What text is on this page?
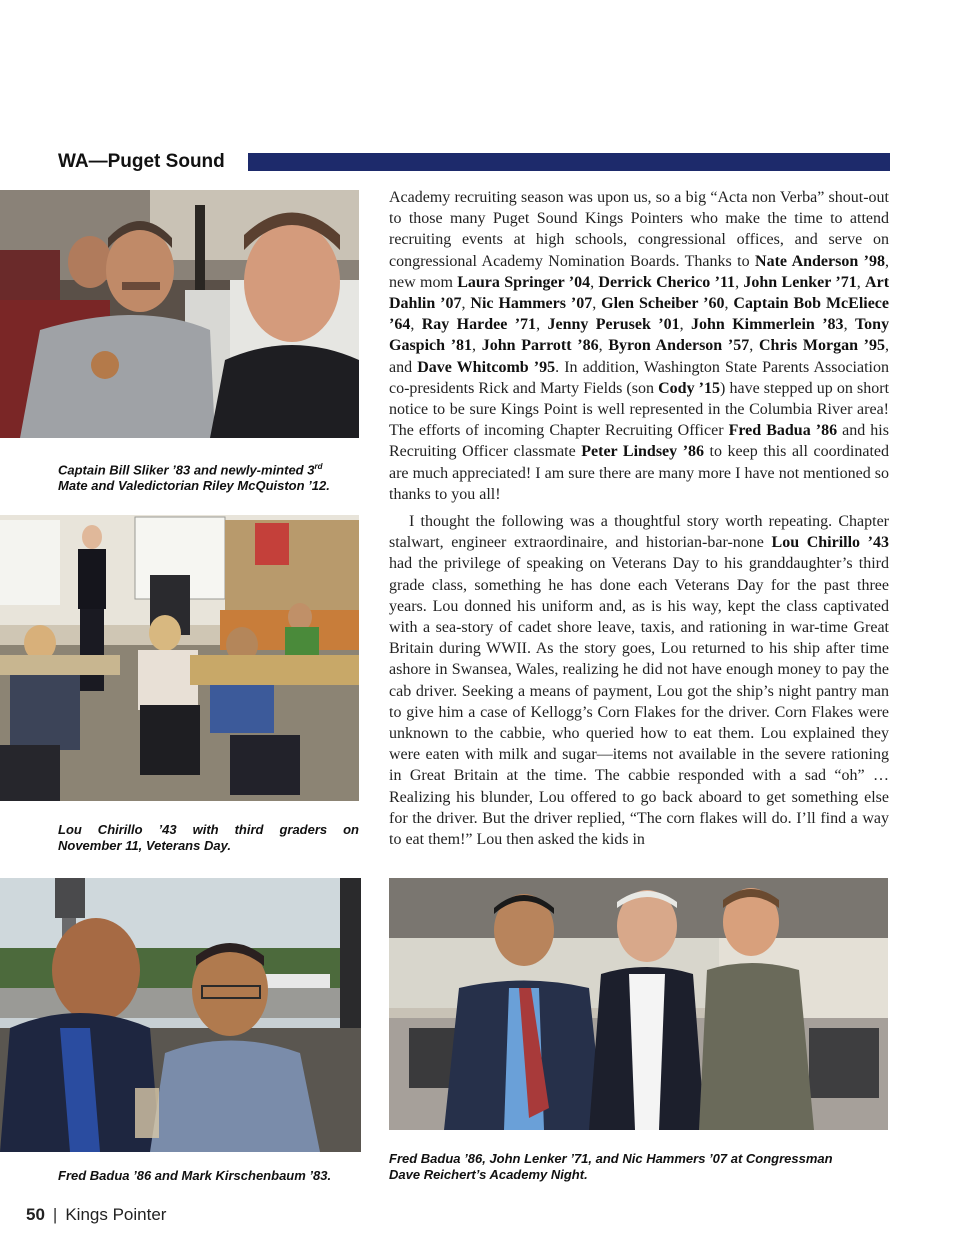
WA—Puget Sound
Captain Bill Sliker ’83 and newly-minted 3rd
Mate and Valedictorian Riley McQuiston ’12.
Lou Chirillo ’43 with third graders on
November 11, Veterans Day.
Fred Badua ’86 and Mark Kirschenbaum ’83.
Fred Badua ’86, John Lenker ’71, and Nic Hammers ’07 at Congressman
Dave Reichert’s Academy Night.

Academy recruiting season was upon us, so a big “Acta non Verba” shout-out to those many Puget Sound Kings Pointers who make the time to attend recruiting events at high schools, congressional offices, and serve on congressional Academy Nomination Boards. Thanks to Nate Anderson ’98, new mom Laura Springer ’04, Derrick Cherico ’11, John Lenker ’71, Art Dahlin ’07, Nic Hammers ’07, Glen Scheiber ’60, Captain Bob McEliece ’64, Ray Hardee ’71, Jenny Perusek ’01, John Kimmerlein ’83, Tony Gaspich ’81, John Parrott ’86, Byron Anderson ’57, Chris Morgan ’95, and Dave Whitcomb ’95. In addition, Washington State Parents Association co-presidents Rick and Marty Fields (son Cody ’15) have stepped up on short notice to be sure Kings Point is well represented in the Columbia River area! The efforts of incoming Chapter Recruiting Officer Fred Badua ’86 and his Recruiting Officer classmate Peter Lindsey ’86 to keep this all coordinated are much appreciated! I am sure there are many more I have not mentioned so thanks to you all!

I thought the following was a thoughtful story worth repeating. Chapter stalwart, engineer extraordinaire, and historian-bar-none Lou Chirillo ’43 had the privilege of speaking on Veterans Day to his granddaughter’s third grade class, something he has done each Veterans Day for the past three years. Lou donned his uniform and, as is his way, kept the class captivated with a sea-story of cadet shore leave, taxis, and rationing in war-time Great Britain during WWII. As the story goes, Lou returned to his ship after time ashore in Swansea, Wales, realizing he did not have enough money to pay the cab driver. Seeking a means of payment, Lou got the ship’s night pantry man to give him a case of Kellogg’s Corn Flakes for the driver. Corn Flakes were unknown to the cabbie, who queried how to eat them. Lou explained they were eaten with milk and sugar—items not available in the severe rationing in Great Britain at the time. The cabbie responded with a sad “oh” … Realizing his blunder, Lou offered to go back aboard to get something else for the driver. But the driver replied, “The corn flakes will do. I’ll find a way to eat them!” Lou then asked the kids in

50 | Kings Pointer
